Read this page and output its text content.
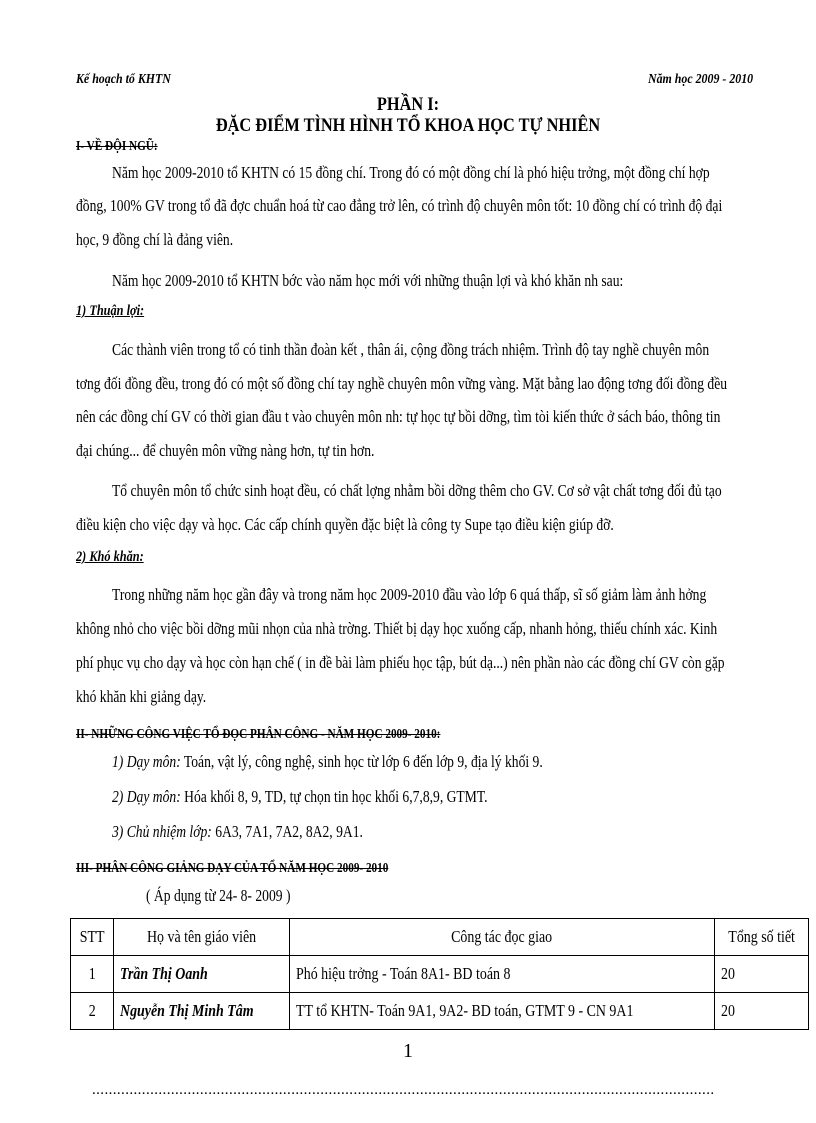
Kế hoạch tổ KHTN	Năm học 2009 - 2010
PHẦN I:
ĐẶC ĐIỂM TÌNH HÌNH TỔ KHOA HỌC TỰ NHIÊN
I- VỀ ĐỘI NGŨ:
Năm học 2009-2010 tổ KHTN có 15 đồng chí. Trong đó có một đồng chí là phó hiệu trởng, một đồng chí hợp
đồng, 100% GV trong tổ đã đợc chuẩn hoá từ cao đẳng trở lên, có trình độ chuyên môn tốt: 10 đồng chí có trình độ đại
học, 9 đồng chí là đảng viên.
Năm học 2009-2010 tổ KHTN bớc vào năm học mới với những thuận lợi và khó khăn nh sau:
1) Thuận lợi:
Các thành viên trong tổ có tinh thần đoàn kết , thân ái, cộng đồng trách nhiệm. Trình độ tay nghề chuyên môn
tơng đối đồng đều, trong đó có một số đồng chí tay nghề chuyên môn vững vàng. Mặt bằng lao động tơng đối đồng đều
nên các đồng chí GV có thời gian đầu t vào chuyên môn nh: tự học tự bồi dỡng, tìm tòi kiến thức ở sách báo, thông tin
đại chúng... để chuyên môn vững nàng hơn, tự tin hơn.
Tổ chuyên môn tổ chức sinh hoạt đều, có chất lợng nhằm bồi dỡng thêm cho GV. Cơ sở vật chất tơng đối đủ tạo
điều kiện cho việc dạy và học. Các cấp chính quyền đặc biệt là công ty Supe tạo điều kiện giúp đỡ.
2) Khó khăn:
Trong những năm học gần đây và trong năm học 2009-2010 đầu vào lớp 6 quá thấp, sĩ số giảm làm ảnh hởng
không nhỏ cho việc bồi dỡng mũi nhọn của nhà trờng. Thiết bị dạy học xuống cấp, nhanh hỏng, thiếu chính xác. Kinh
phí phục vụ cho dạy và học còn hạn chế ( in đề bài làm phiếu học tập, bút dạ...) nên phần nào các đồng chí GV còn gặp
khó khăn khi giảng dạy.
II- NHỮNG CÔNG VIỆC TỔ ĐỌC PHÂN CÔNG - NĂM HỌC 2009- 2010:
1) Dạy môn: Toán, vật lý, công nghệ, sinh học từ lớp 6 đến lớp 9, địa lý khối 9.
2) Dạy môn: Hóa khối 8, 9, TD, tự chọn tin học khối 6,7,8,9, GTMT.
3) Chủ nhiệm lớp: 6A3, 7A1, 7A2, 8A2, 9A1.
III- PHÂN CÔNG GIẢNG DẠY CỦA TỔ NĂM HỌC 2009- 2010
( Áp dụng từ 24- 8- 2009 )
STT	Họ và tên giáo viên	Công tác đọc giao	Tổng số tiết
1	Trần Thị Oanh	Phó hiệu trởng - Toán 8A1- BD toán 8	20
2	Nguyễn Thị Minh Tâm	TT tổ KHTN- Toán 9A1, 9A2- BD toán, GTMT 9 - CN 9A1	20
1
......................................................................................................................................................
